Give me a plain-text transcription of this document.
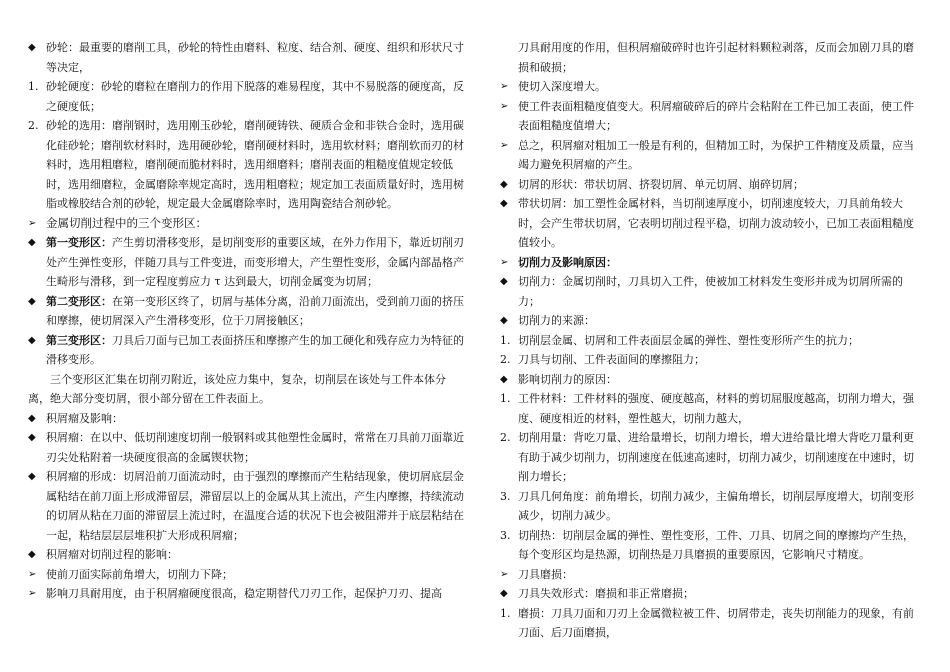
◆ 砂轮：最重要的磨削工具，砂轮的特性由磨料、粒度、结合剂、硬度、组织和形状尺寸等决定，
1. 砂轮硬度：砂轮的磨粒在磨削力的作用下脱落的难易程度，其中不易脱落的硬度高，反之硬度低；
2. 砂轮的选用：磨削钢时，选用刚玉砂轮，磨削硬铸铁、硬质合金和非铁合金时，选用碳化硅砂轮；磨削软材料时，选用硬砂轮，磨削硬材料时，选用软材料；磨削软而刃的材料时，选用粗磨粒，磨削硬而脆材料时，选用细磨料；磨削表面的粗糙度值规定较低时，选用细磨粒，金属磨除率规定高时，选用粗磨粒；规定加工表面质量好时，选用树脂或橡胶结合剂的砂轮，规定最大金属磨除率时，选用陶瓷结合剂砂轮。
➢ 金属切削过程中的三个变形区：
◆ 第一变形区：产生剪切滑移变形，是切削变形的重要区域，在外力作用下，靠近切削刃处产生弹性变形，伴随刀具与工件变进，而变形增大，产生塑性变形，金属内部晶格产生畸形与滑移，到一定程度剪应力 τ 达到最大，切削金属变为切屑；
◆ 第二变形区：在第一变形区终了，切屑与基体分离，沿前刀面流出，受到前刀面的挤压和摩擦，使切屑深入产生滑移变形，位于刀屑接触区；
◆ 第三变形区：刀具后刀面与已加工表面挤压和摩擦产生的加工硬化和残存应力为特征的滑移变形。

三个变形区汇集在切削刃附近，该处应力集中，复杂，切削层在该处与工件本体分离，绝大部分变切屑，很小部分留在工件表面上。

◆ 积屑瘤及影响：
◆ 积屑瘤：在以中、低切削速度切削一般钢料或其他塑性金属时，常常在刀具前刀面靠近刃尖处粘附着一块硬度很高的金属锲状物；
◆ 积屑瘤的形成：切屑沿前刀面流动时，由于强烈的摩擦而产生粘结现象，使切屑底层金属粘结在前刀面上形成滞留层，滞留层以上的金属从其上流出，产生内摩擦，持续流动的切屑从粘在刀面的滞留层上流过时，在温度合适的状况下也会被阻滞并于底层粘结在一起，粘结层层层堆积扩大形成积屑瘤；
◆ 积屑瘤对切削过程的影响：
➢ 使前刀面实际前角增大，切削力下降；
➢ 影响刀具耐用度，由于积屑瘤硬度很高，稳定期替代刀刃工作，起保护刀刃、提高
刀具耐用度的作用，但积屑瘤破碎时也许引起材料颗粒剥落，反而会加剧刀具的磨损和破损；
➢ 使切入深度增大。
➢ 使工件表面粗糙度值变大。积屑瘤破碎后的碎片会粘附在工件已加工表面，使工件表面粗糙度值增大；
➢ 总之，积屑瘤对粗加工一般是有利的，但精加工时，为保护工件精度及质量，应当竭力避免积屑瘤的产生。
◆ 切屑的形状：带状切屑、挤裂切屑、单元切屑、崩碎切屑；
◆ 带状切屑：加工塑性金属材料，当切削速厚度小，切削速度较大，刀具前角较大时，会产生带状切屑，它表明切削过程平稳，切削力波动较小，已加工表面粗糙度值较小。
➢ 切削力及影响原因：
◆ 切削力：金属切削时，刀具切入工件，使被加工材料发生变形并成为切屑所需的力；
◆ 切削力的来源：
1. 切削层金属、切屑和工件表面层金属的弹性、塑性变形所产生的抗力；
2. 刀具与切削、工件表面间的摩擦阻力；
◆ 影响切削力的原因：
1. 工件材料：工件材料的强度、硬度越高，材料的剪切屈服度越高，切削力增大，强度、硬度相近的材料，塑性越大，切削力越大，
2. 切削用量：背吃刀量、进给量增长，切削力增长，增大进给量比增大背吃刀量利更有助于减少切削力，切削速度在低速高速时，切削力减少，切削速度在中速时，切削力增长；
3. 刀具几何角度：前角增长，切削力减少，主偏角增长，切削层厚度增大，切削变形减少，切削力减少。
3. 切削热：切削层金属的弹性、塑性变形，工件、刀具、切屑之间的摩擦均产生热，每个变形区均是热源，切削热是刀具磨损的重要原因，它影响尺寸精度。
➢ 刀具磨损：
◆ 刀具失效形式：磨损和非正常磨损；
1. 磨损：刀具刀面和刀刃上金属微粒被工件、切屑带走，丧失切削能力的现象，有前刀面、后刀面磨损，
